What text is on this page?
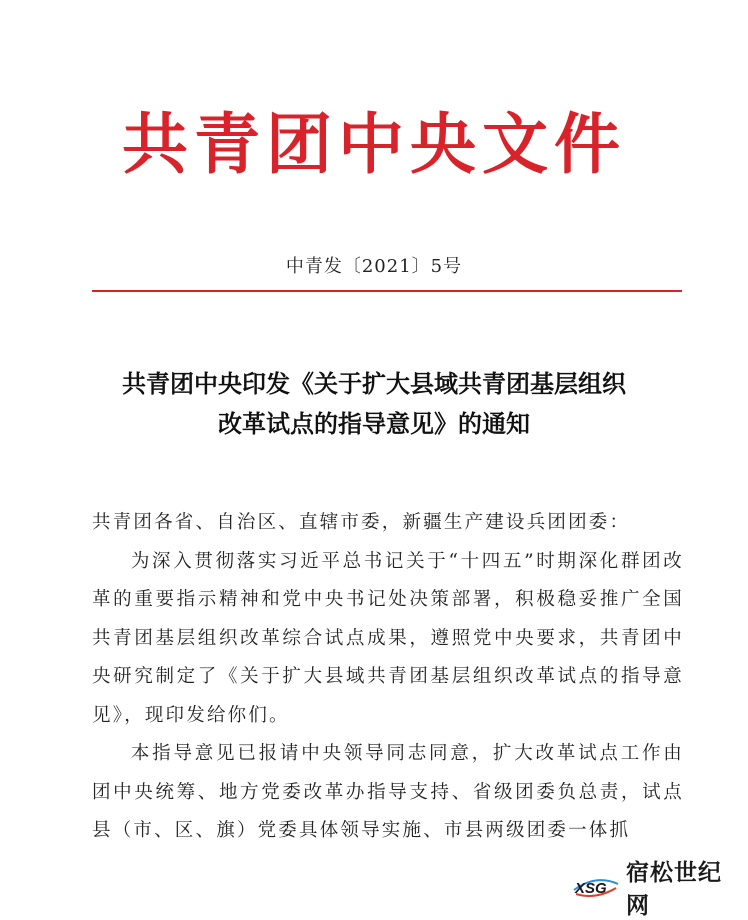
共青团中央文件
中青发〔2021〕5号
共青团中央印发《关于扩大县域共青团基层组织
改革试点的指导意见》的通知

共青团各省、自治区、直辖市委，新疆生产建设兵团团委：

为深入贯彻落实习近平总书记关于“十四五”时期深化群团改革的重要指示精神和党中央书记处决策部署，积极稳妥推广全国共青团基层组织改革综合试点成果，遵照党中央要求，共青团中央研究制定了《关于扩大县域共青团基层组织改革试点的指导意见》，现印发给你们。

本指导意见已报请中央领导同志同意，扩大改革试点工作由团中央统筹、地方党委改革办指导支持、省级团委负总责，试点县（市、区、旗）党委具体领导实施、市县两级团委一体抓

XSG
宿松世纪网
